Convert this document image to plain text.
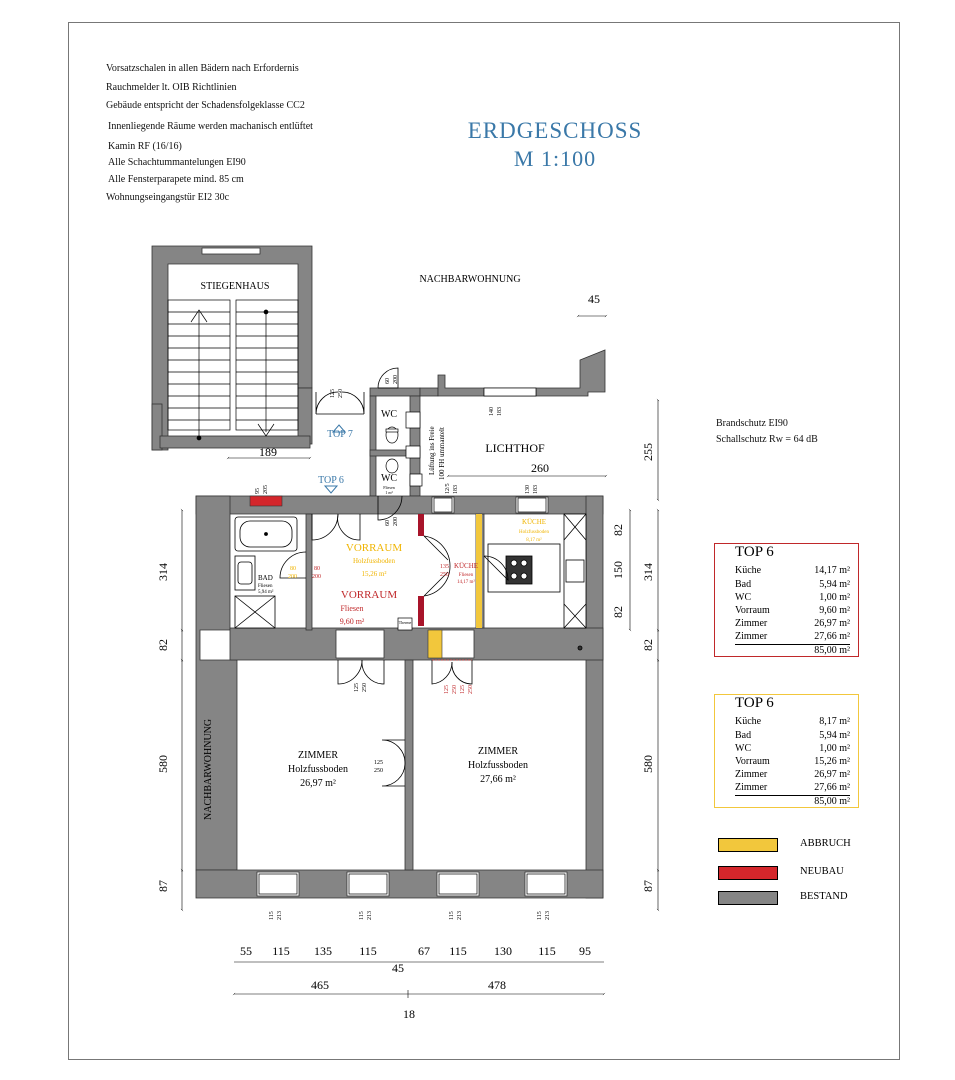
Vorsatzschalen in allen Bädern nach Erfordernis
Rauchmelder lt. OIB Richtlinien
Gebäude entspricht der Schadensfolgeklasse CC2
Innenliegende Räume werden machanisch entlüftet
Kamin RF (16/16)
Alle Schachtummantelungen EI90
Alle Fensterparapete mind. 85 cm
Wohnungseingangstür EI2 30c
ERDGESCHOSS
M 1:100
Brandschutz EI90
Schallschutz Rw = 64 dB
STIEGENHAUS
NACHBARWOHNUNG
LICHTHOF
TOP 7
TOP 6
WC
WC
Fliesen
1 m²
Lüftung ins Freie 100 FH ummantelt
NACHBARWOHNUNG
BAD
Fliesen
5,94 m²
VORRAUM
Holzfussboden
15,26 m²
VORRAUM
Fliesen
9,60 m²	Therme
KÜCHE
Fliesen
14,17 m²
KÜCHE
Holzfussboden
8,17 m²
ZIMMER
Holzfussboden
26,97 m²
ZIMMER
Holzfussboden
27,66 m²
125 250
60 200
140 183
130 183
12/5 183
60 200
95 205
80
200
80
200
135
250
125 250	125 250 125 250
125
250
115 213	115 213	115 213	115 213
45
189
260
255
314
82
580
87
82
150
82
314
82
580
87
55 115 135 115	67 115 130 115 95
45
465	478
18
TOP 6
Küche	14,17 m²
Bad	5,94 m²
WC	1,00 m²
Vorraum	9,60 m²
Zimmer	26,97 m²
Zimmer	27,66 m²
85,00 m²
TOP 6
Küche	8,17 m²
Bad	5,94 m²
WC	1,00 m²
Vorraum	15,26 m²
Zimmer	26,97 m²
Zimmer	27,66 m²
85,00 m²
ABBRUCH
NEUBAU
BESTAND
